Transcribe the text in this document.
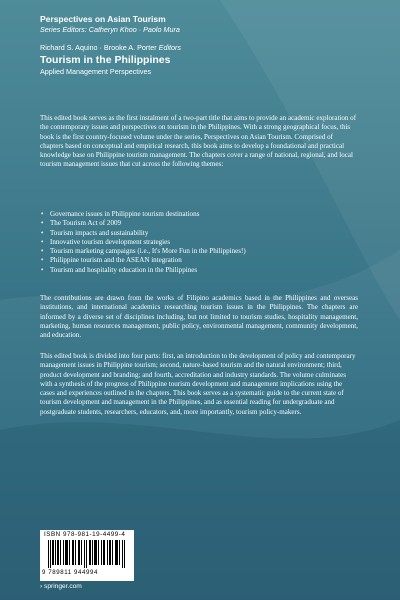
Perspectives on Asian Tourism
Series Editors: Catheryn Khoo · Paolo Mura
Richard S. Aquino · Brooke A. Porter Editors
Tourism in the Philippines
Applied Management Perspectives

This edited book serves as the first instalment of a two-part title that aims to provide an academic exploration of the contemporary issues and perspectives on tourism in the Philippines. With a strong geographical focus, this book is the first country-focused volume under the series, Perspectives on Asian Tourism. Comprised of chapters based on conceptual and empirical research, this book aims to develop a foundational and practical knowledge base on Philippine tourism management. The chapters cover a range of national, regional, and local tourism management issues that cut across the following themes:

• Governance issues in Philippine tourism destinations
• The Tourism Act of 2009
• Tourism impacts and sustainability
• Innovative tourism development strategies
• Tourism marketing campaigns (i.e., It's More Fun in the Philippines!)
• Philippine tourism and the ASEAN integration
• Tourism and hospitality education in the Philippines

The contributions are drawn from the works of Filipino academics based in the Philippines and overseas institutions, and international academics researching tourism issues in the Philippines. The chapters are informed by a diverse set of disciplines including, but not limited to tourism studies, hospitality management, marketing, human resources management, public policy, environmental management, community development, and education.

This edited book is divided into four parts: first, an introduction to the development of policy and contemporary management issues in Philippine tourism; second, nature-based tourism and the natural environment; third, product development and branding; and fourth, accreditation and industry standards. The volume culminates with a synthesis of the progress of Philippine tourism development and management implications using the cases and experiences outlined in the chapters. This book serves as a systematic guide to the current state of tourism development and management in the Philippines, and as essential reading for undergraduate and postgraduate students, researchers, educators, and, more importantly, tourism policy-makers.

ISBN 978-981-19-4499-4
9 789811 944994
› springer.com
